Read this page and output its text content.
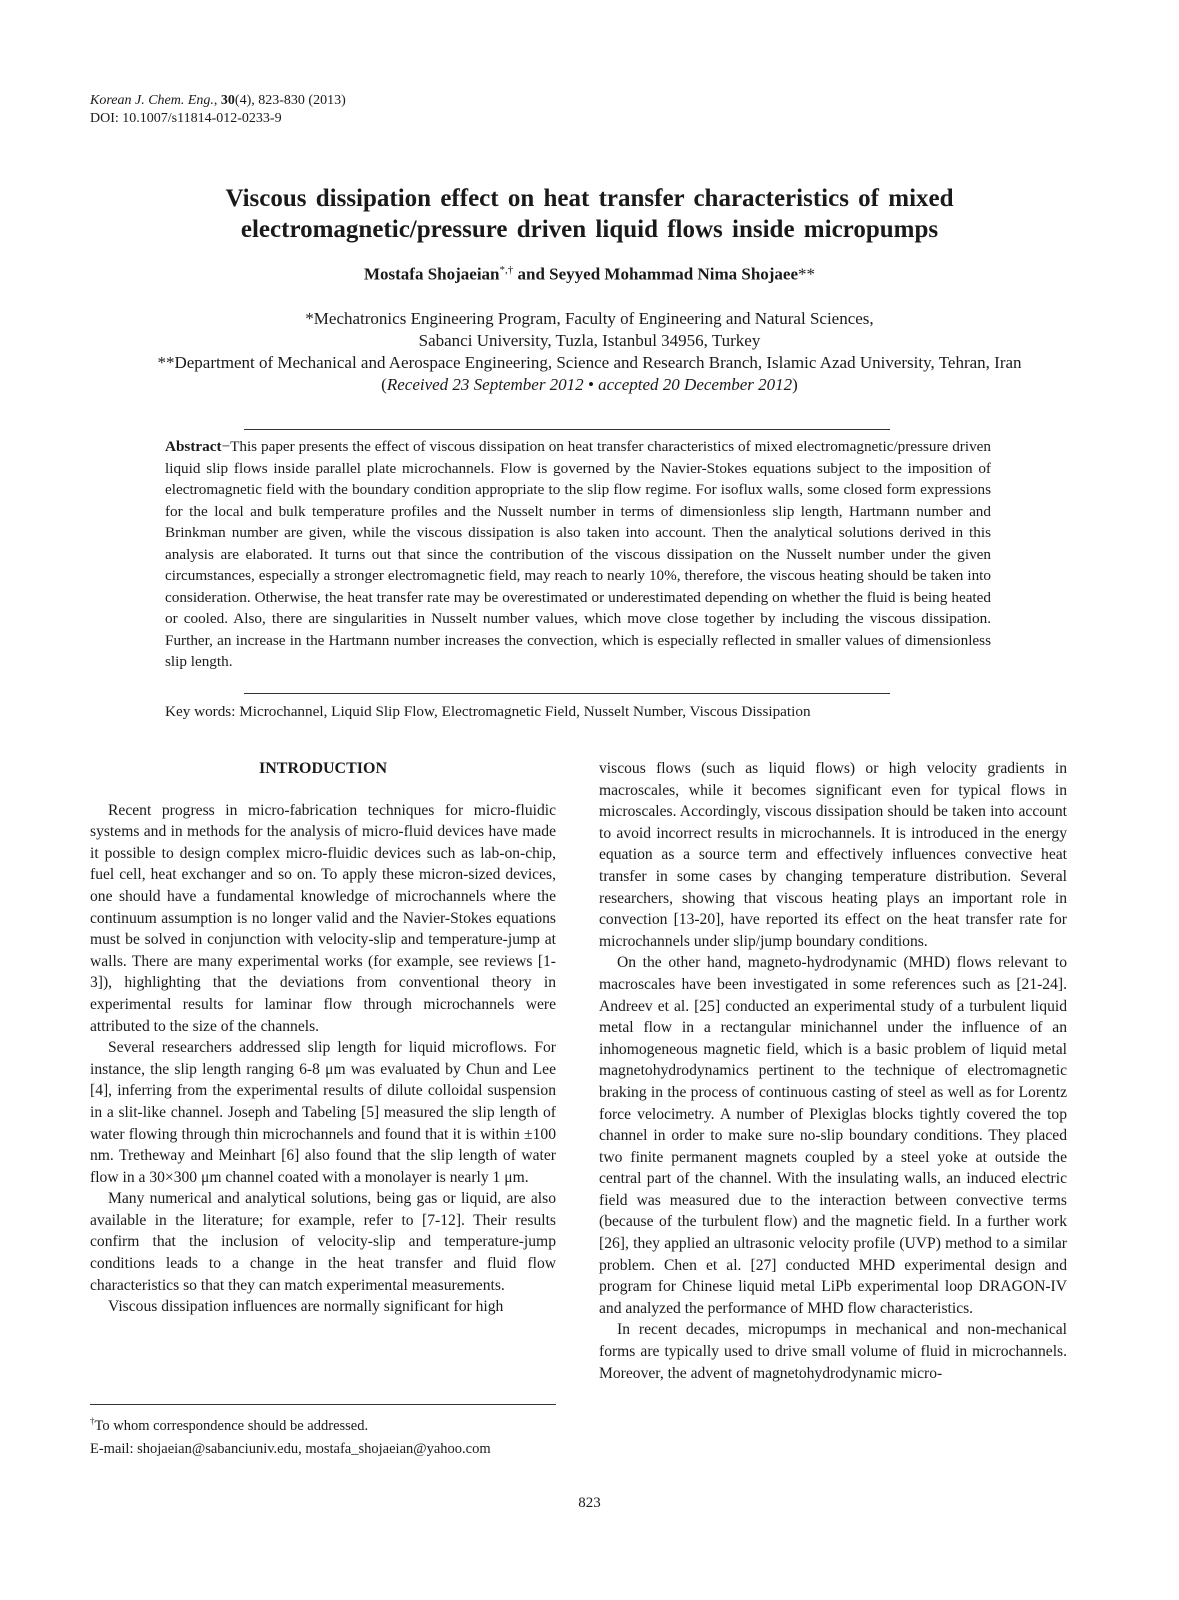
Korean J. Chem. Eng., 30(4), 823-830 (2013)
DOI: 10.1007/s11814-012-0233-9
Viscous dissipation effect on heat transfer characteristics of mixed
electromagnetic/pressure driven liquid flows inside micropumps
Mostafa Shojaeian*,† and Seyyed Mohammad Nima Shojaee**
*Mechatronics Engineering Program, Faculty of Engineering and Natural Sciences,
Sabanci University, Tuzla, Istanbul 34956, Turkey
**Department of Mechanical and Aerospace Engineering, Science and Research Branch, Islamic Azad University, Tehran, Iran
(Received 23 September 2012 • accepted 20 December 2012)
Abstract−This paper presents the effect of viscous dissipation on heat transfer characteristics of mixed electromagnetic/pressure driven liquid slip flows inside parallel plate microchannels. Flow is governed by the Navier-Stokes equations subject to the imposition of electromagnetic field with the boundary condition appropriate to the slip flow regime. For isoflux walls, some closed form expressions for the local and bulk temperature profiles and the Nusselt number in terms of dimensionless slip length, Hartmann number and Brinkman number are given, while the viscous dissipation is also taken into account. Then the analytical solutions derived in this analysis are elaborated. It turns out that since the contribution of the viscous dissipation on the Nusselt number under the given circumstances, especially a stronger electromagnetic field, may reach to nearly 10%, therefore, the viscous heating should be taken into consideration. Otherwise, the heat transfer rate may be overestimated or underestimated depending on whether the fluid is being heated or cooled. Also, there are singularities in Nusselt number values, which move close together by including the viscous dissipation. Further, an increase in the Hartmann number increases the convection, which is especially reflected in smaller values of dimensionless slip length.
Key words: Microchannel, Liquid Slip Flow, Electromagnetic Field, Nusselt Number, Viscous Dissipation
INTRODUCTION

Recent progress in micro-fabrication techniques for micro-fluidic systems and in methods for the analysis of micro-fluid devices have made it possible to design complex micro-fluidic devices such as lab-on-chip, fuel cell, heat exchanger and so on. To apply these micron-sized devices, one should have a fundamental knowledge of microchannels where the continuum assumption is no longer valid and the Navier-Stokes equations must be solved in conjunction with velocity-slip and temperature-jump at walls. There are many experimental works (for example, see reviews [1-3]), highlighting that the deviations from conventional theory in experimental results for laminar flow through microchannels were attributed to the size of the channels.

Several researchers addressed slip length for liquid microflows. For instance, the slip length ranging 6-8 μm was evaluated by Chun and Lee [4], inferring from the experimental results of dilute colloidal suspension in a slit-like channel. Joseph and Tabeling [5] measured the slip length of water flowing through thin microchannels and found that it is within ±100 nm. Tretheway and Meinhart [6] also found that the slip length of water flow in a 30×300 μm channel coated with a monolayer is nearly 1 μm.

Many numerical and analytical solutions, being gas or liquid, are also available in the literature; for example, refer to [7-12]. Their results confirm that the inclusion of velocity-slip and temperature-jump conditions leads to a change in the heat transfer and fluid flow characteristics so that they can match experimental measurements.

Viscous dissipation influences are normally significant for high

viscous flows (such as liquid flows) or high velocity gradients in macroscales, while it becomes significant even for typical flows in microscales. Accordingly, viscous dissipation should be taken into account to avoid incorrect results in microchannels. It is introduced in the energy equation as a source term and effectively influences convective heat transfer in some cases by changing temperature distribution. Several researchers, showing that viscous heating plays an important role in convection [13-20], have reported its effect on the heat transfer rate for microchannels under slip/jump boundary conditions.

On the other hand, magneto-hydrodynamic (MHD) flows relevant to macroscales have been investigated in some references such as [21-24]. Andreev et al. [25] conducted an experimental study of a turbulent liquid metal flow in a rectangular minichannel under the influence of an inhomogeneous magnetic field, which is a basic problem of liquid metal magnetohydrodynamics pertinent to the technique of electromagnetic braking in the process of continuous casting of steel as well as for Lorentz force velocimetry. A number of Plexiglas blocks tightly covered the top channel in order to make sure no-slip boundary conditions. They placed two finite permanent magnets coupled by a steel yoke at outside the central part of the channel. With the insulating walls, an induced electric field was measured due to the interaction between convective terms (because of the turbulent flow) and the magnetic field. In a further work [26], they applied an ultrasonic velocity profile (UVP) method to a similar problem. Chen et al. [27] conducted MHD experimental design and program for Chinese liquid metal LiPb experimental loop DRAGON-IV and analyzed the performance of MHD flow characteristics.

In recent decades, micropumps in mechanical and non-mechanical forms are typically used to drive small volume of fluid in microchannels. Moreover, the advent of magnetohydrodynamic micro-

†To whom correspondence should be addressed.
E-mail: shojaeian@sabanciuniv.edu, mostafa_shojaeian@yahoo.com
823
